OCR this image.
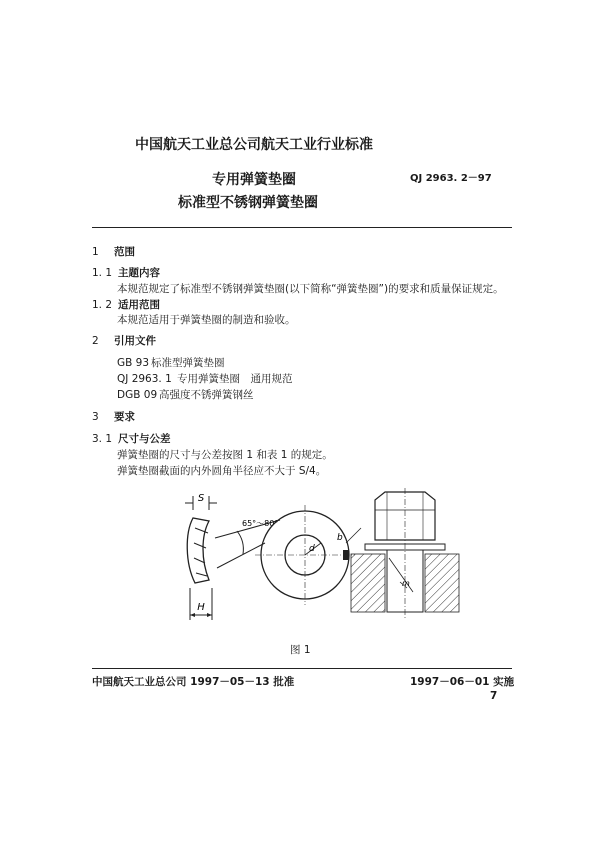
中国航天工业总公司航天工业行业标准
专用弹簧垫圈
标准型不锈钢弹簧垫圈
QJ 2963. 2－97
1 范围
1. 1 主题内容
本规范规定了标准型不锈钢弹簧垫圈(以下简称“弹簧垫圈”)的要求和质量保证规定。
1. 2 适用范围
本规范适用于弹簧垫圈的制造和验收。
2 引用文件
GB 93 标准型弹簧垫圈
QJ 2963. 1 专用弹簧垫圈　通用规范
DGB 09 高强度不锈弹簧钢丝
3 要求
3. 1 尺寸与公差
弹簧垫圈的尺寸与公差按图 1 和表 1 的规定。
弹簧垫圈截面的内外圆角半径应不大于 S/4。
S
H
65°～80°
d
b
m
图 1
中国航天工业总公司 1997－05－13 批准	1997－06－01 实施
7
